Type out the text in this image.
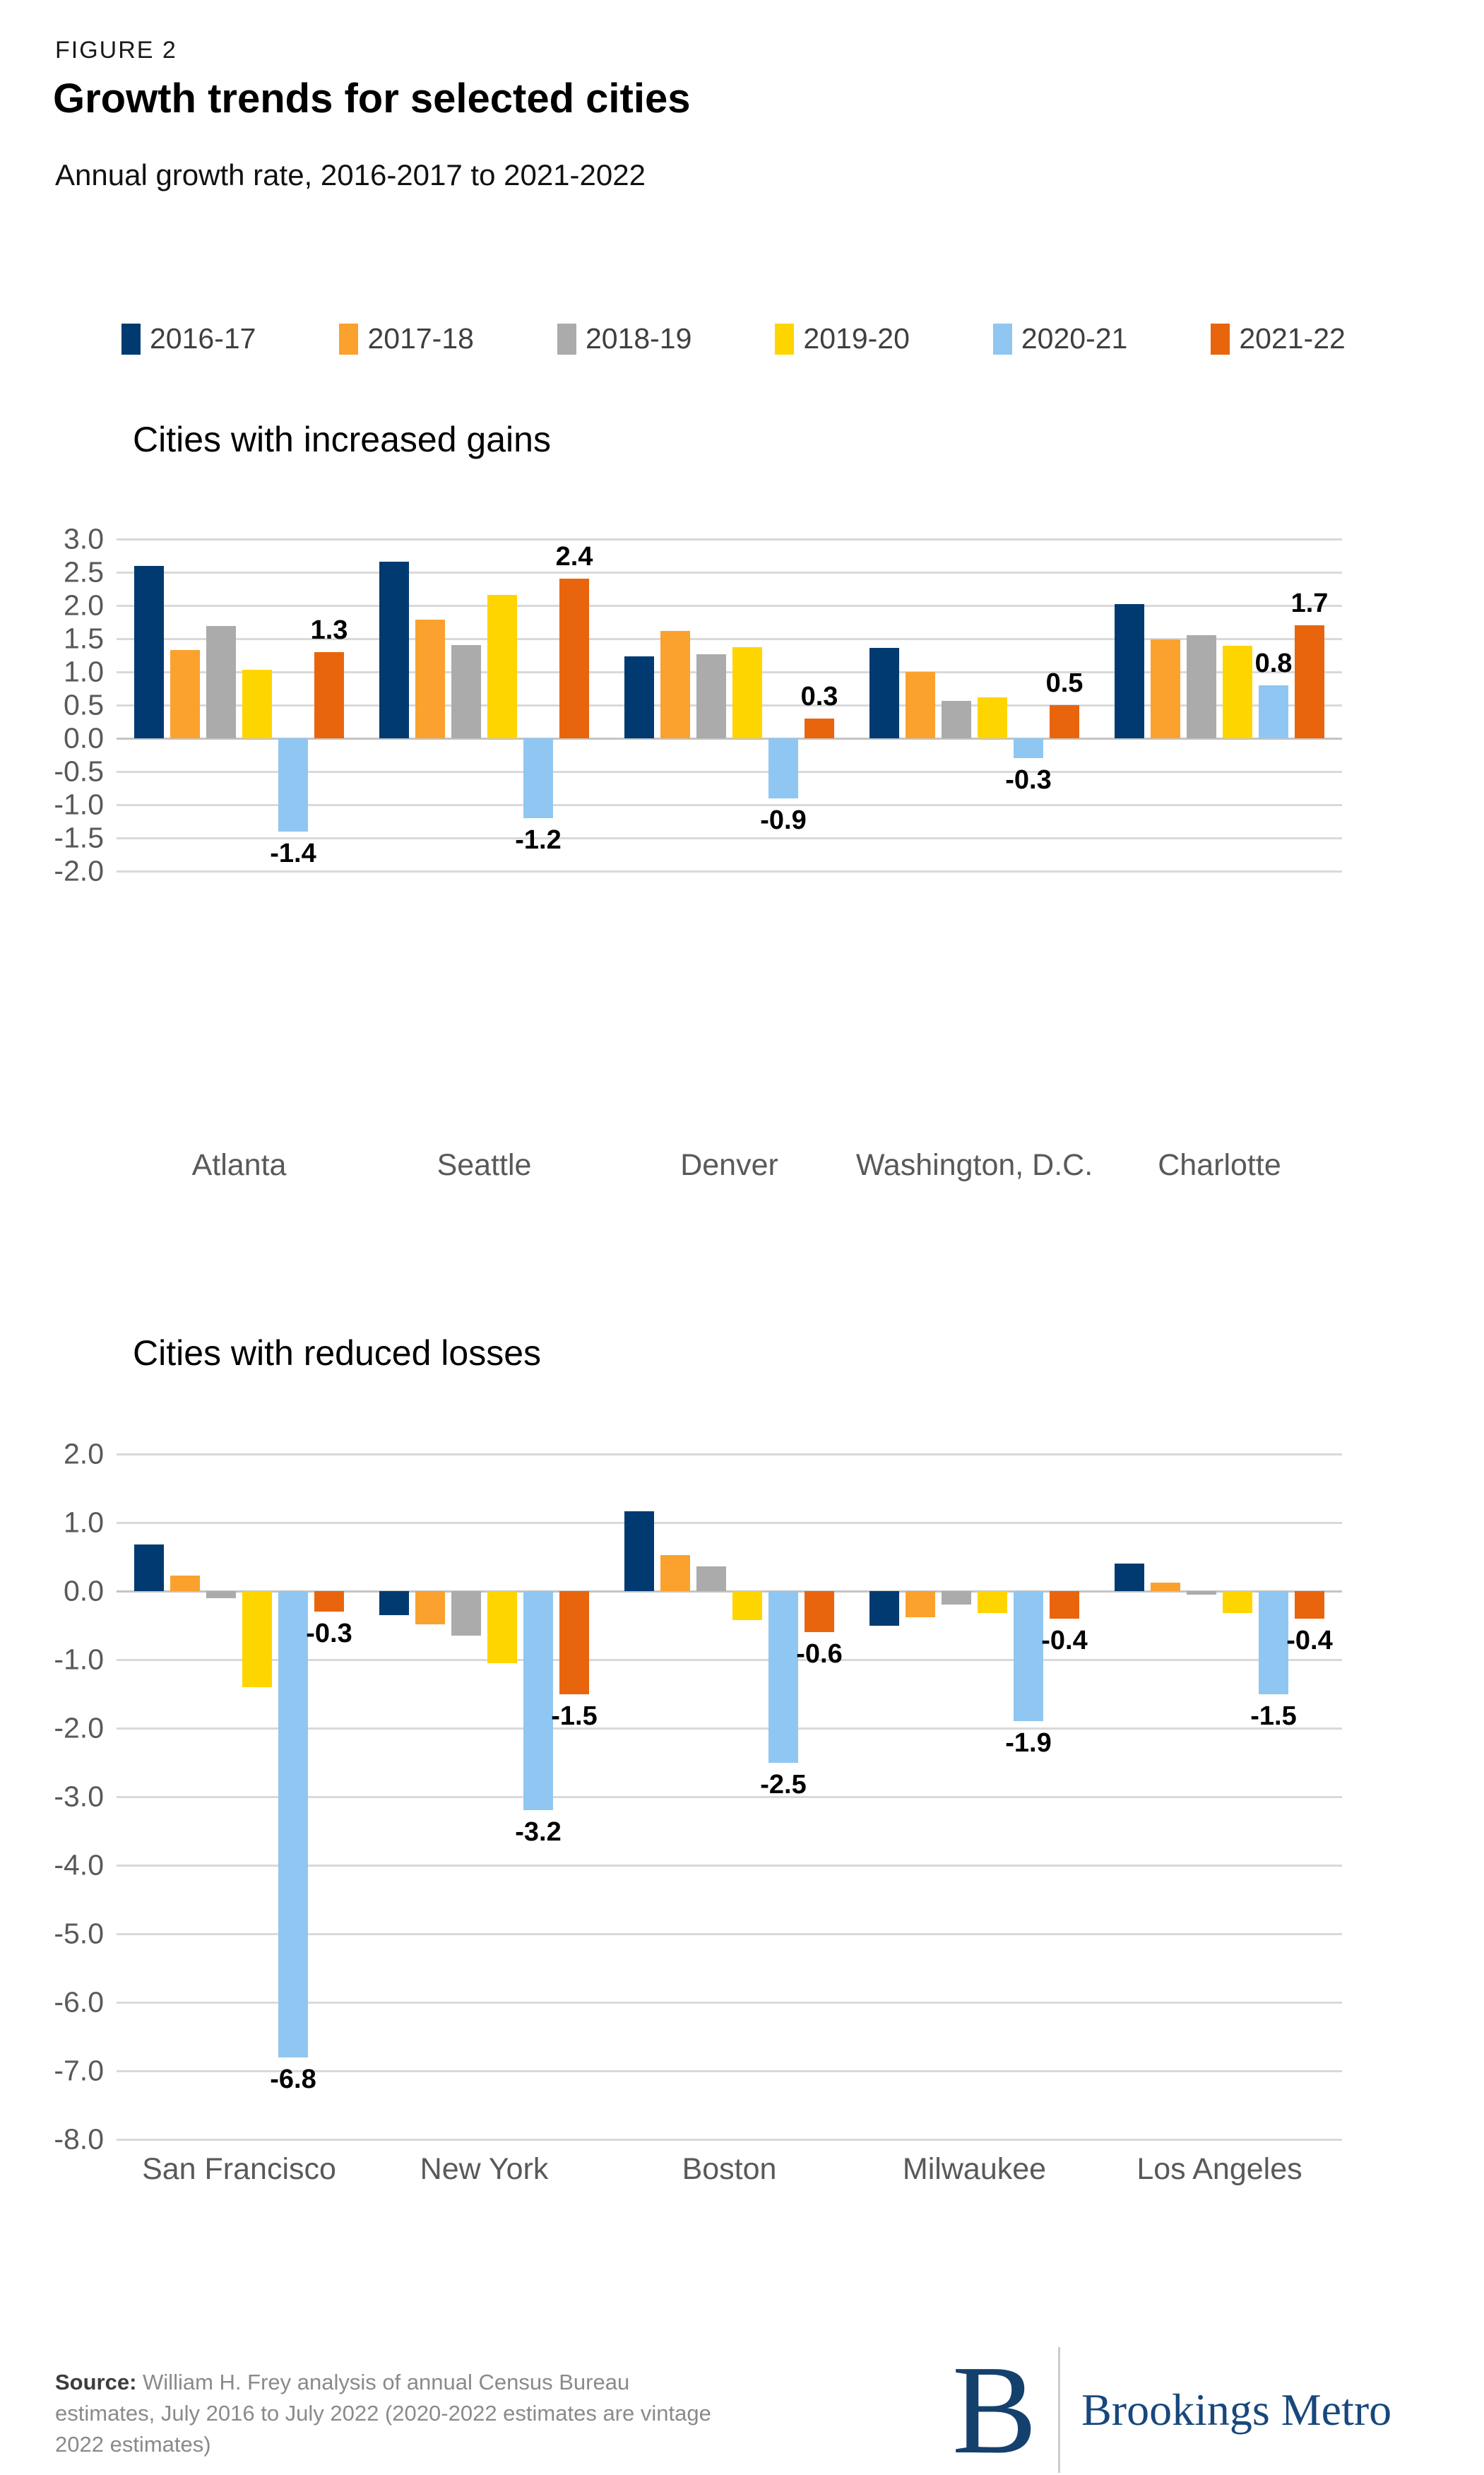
FIGURE 2
Growth trends for selected cities
Annual growth rate, 2016-2017 to 2021-2022
2016-17	2017-18	2018-19	2019-20	2020-21	2021-22
Cities with increased gains
3.0
2.5
2.0
1.5
1.0
0.5
0.0
-0.5
-1.0
-1.5
-2.0
-1.4
1.3
-1.2
2.4
-0.9
0.3
-0.3
0.5
0.8
1.7
Atlanta	Seattle	Denver	Washington, D.C.	Charlotte
Cities with reduced losses
2.0
1.0
0.0
-1.0
-2.0
-3.0
-4.0
-5.0
-6.0
-7.0
-8.0
-6.8
-0.3
-3.2
-1.5
-2.5
-0.6
-1.9
-0.4
-1.5
-0.4
San Francisco	New York	Boston	Milwaukee	Los Angeles
Source: William H. Frey analysis of annual Census Bureau estimates, July 2016 to July 2022 (2020-2022 estimates are vintage 2022 estimates)	B Brookings Metro
